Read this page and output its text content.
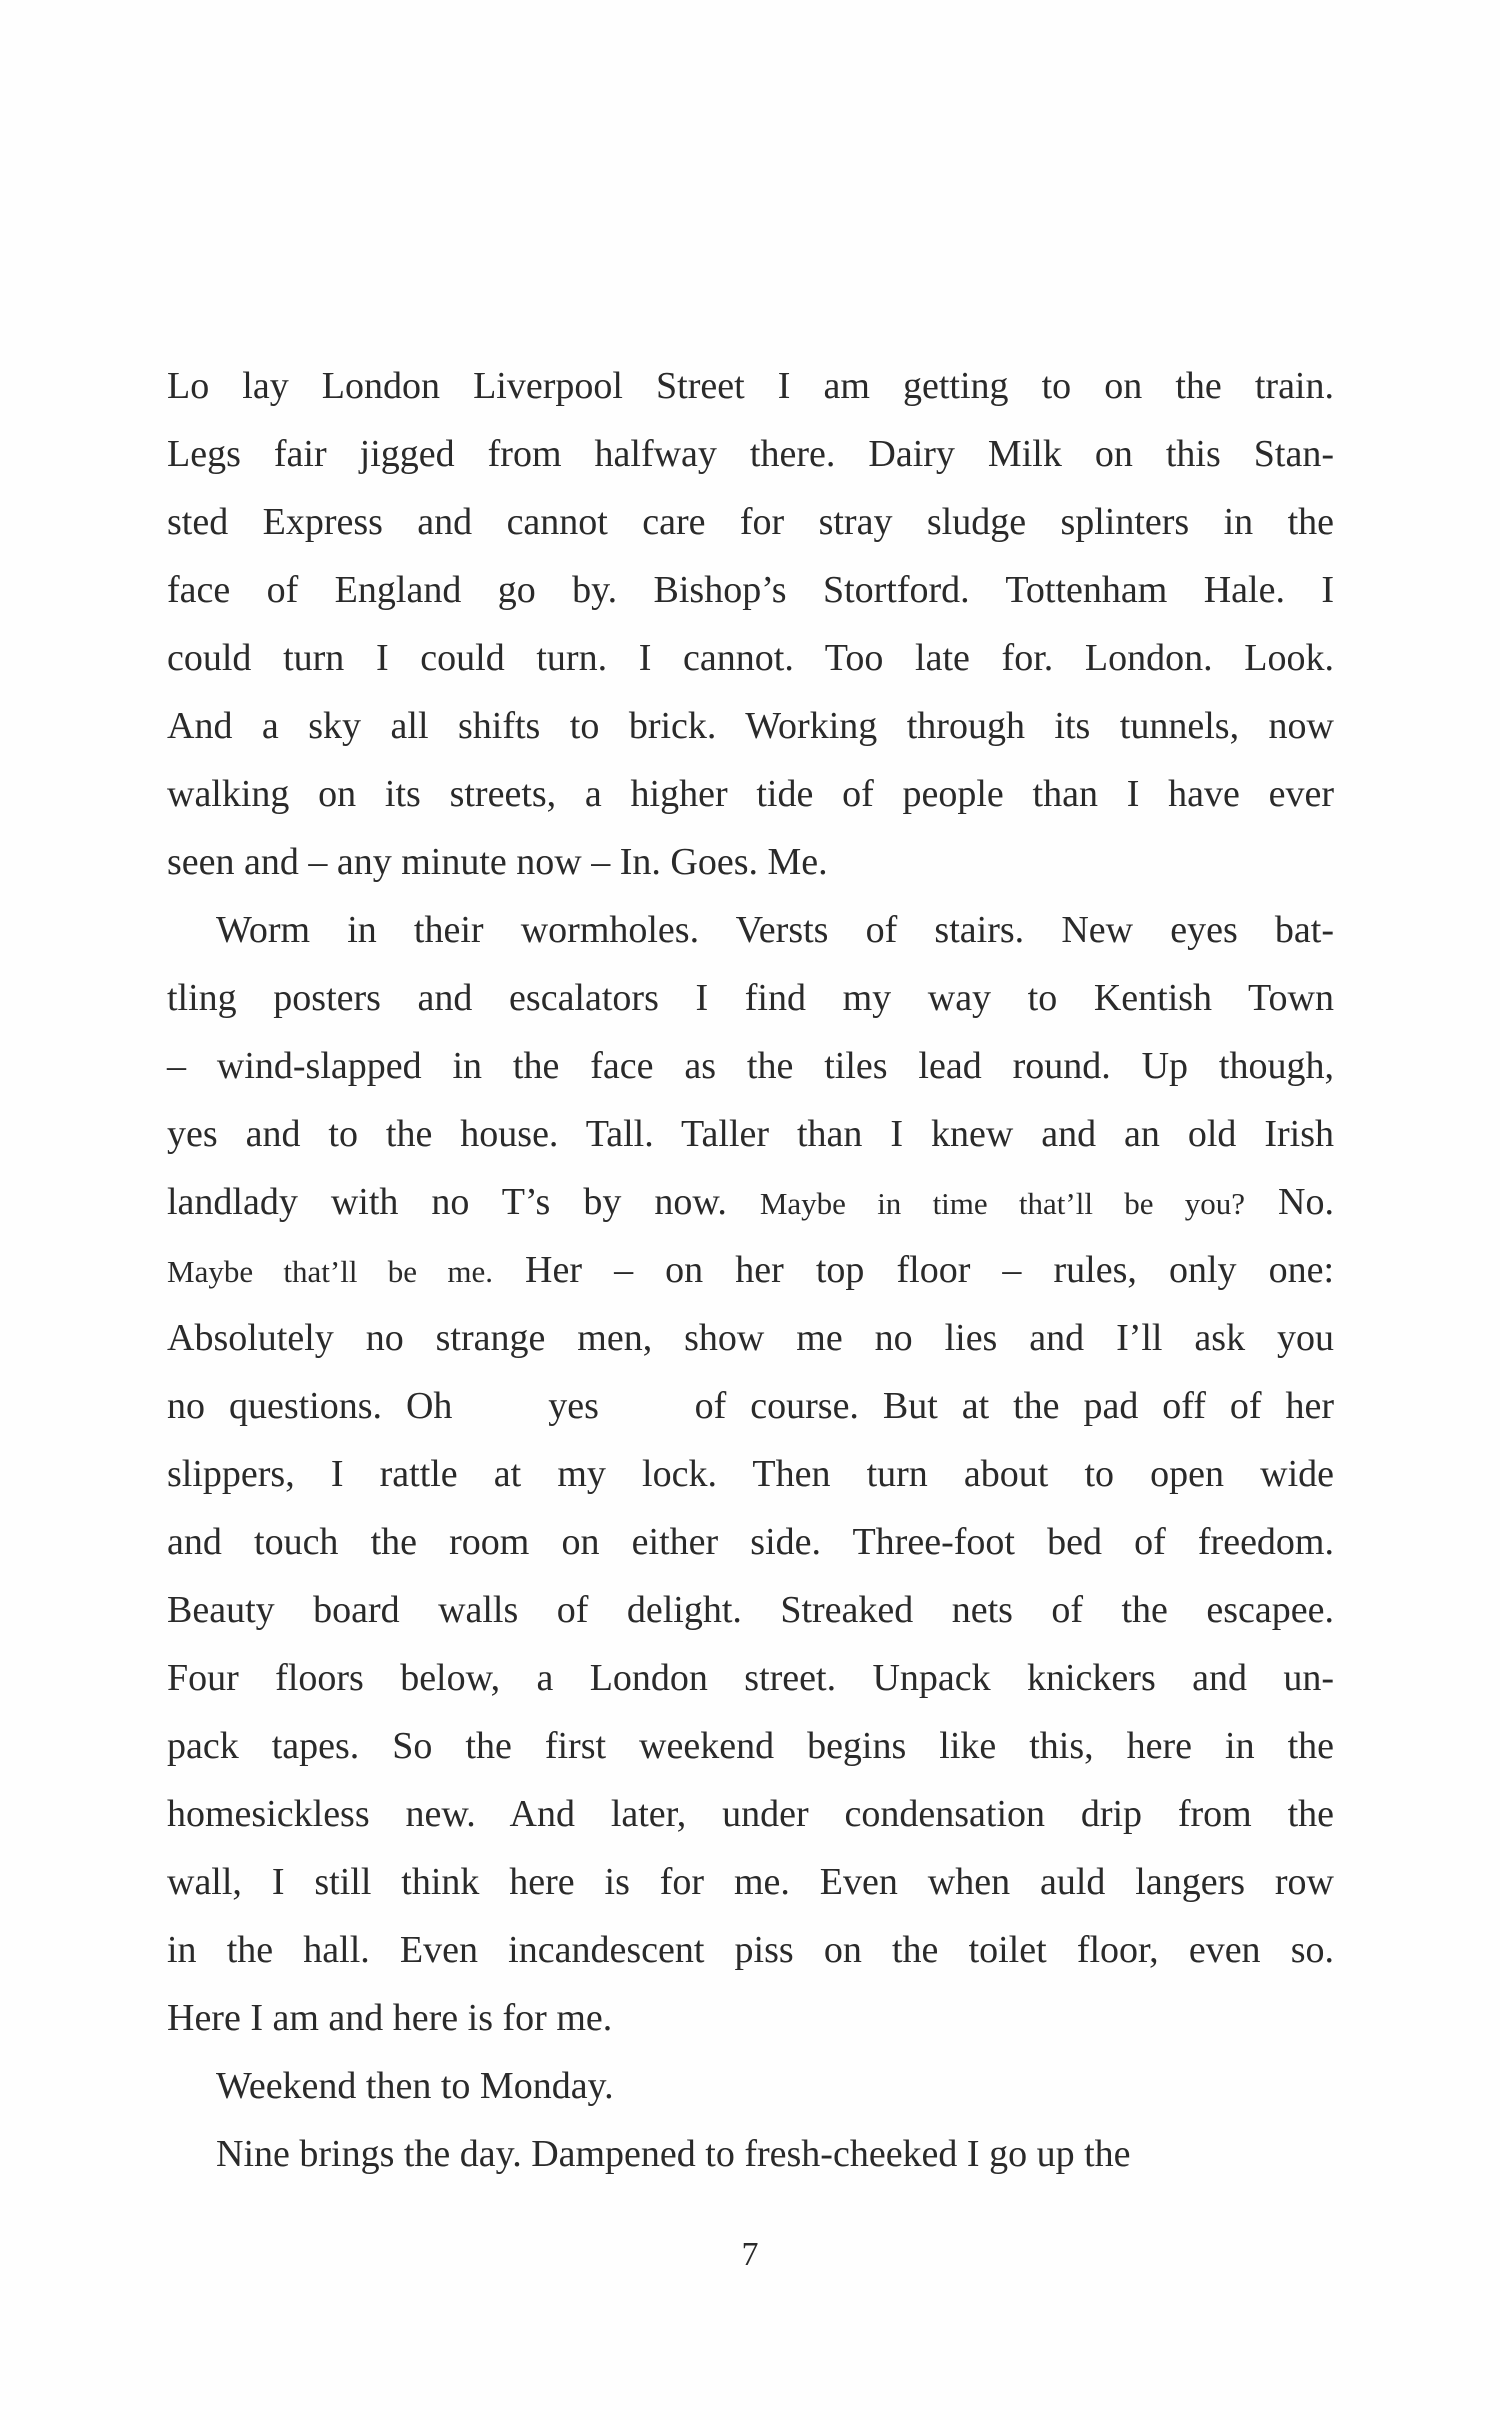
Lo lay London Liverpool Street I am getting to on the train.
Legs fair jigged from halfway there. Dairy Milk on this Stan-
sted Express and cannot care for stray sludge splinters in the
face of England go by. Bishop’s Stortford. Tottenham Hale. I
could turn I could turn. I cannot. Too late for. London. Look.
And a sky all shifts to brick. Working through its tunnels, now
walking on its streets, a higher tide of people than I have ever
seen and – any minute now – In. Goes. Me.
Worm in their wormholes. Versts of stairs. New eyes bat-
tling posters and escalators I find my way to Kentish Town
– wind-slapped in the face as the tiles lead round. Up though,
yes and to the house. Tall. Taller than I knew and an old Irish
landlady with no T’s by now. Maybe in time that’ll be you? No.
Maybe that’ll be me. Her – on her top floor – rules, only one:
Absolutely no strange men, show me no lies and I’ll ask you
no questions. Oh    yes    of course. But at the pad off of her
slippers, I rattle at my lock. Then turn about to open wide
and touch the room on either side. Three-foot bed of freedom.
Beauty board walls of delight. Streaked nets of the escapee.
Four floors below, a London street. Unpack knickers and un-
pack tapes. So the first weekend begins like this, here in the
homesickless new. And later, under condensation drip from the
wall, I still think here is for me. Even when auld langers row
in the hall. Even incandescent piss on the toilet floor, even so.
Here I am and here is for me.
Weekend then to Monday.
Nine brings the day. Dampened to fresh-cheeked I go up the
7
